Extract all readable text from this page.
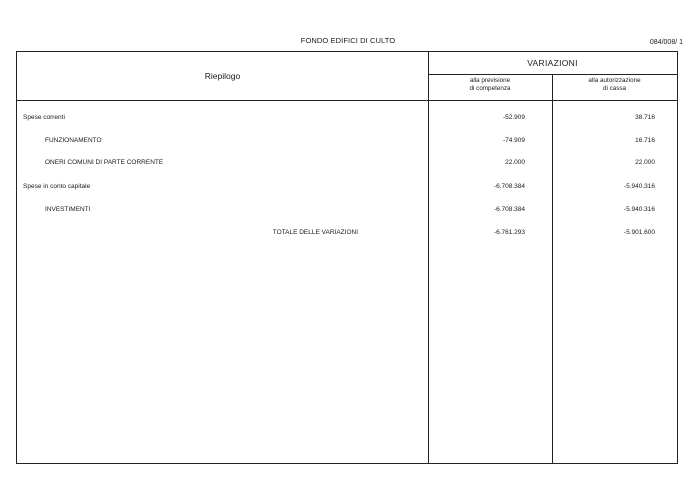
FONDO EDIFICI DI CULTO	084/008/ 1
Riepilogo
VARIAZIONI
alla previsione
di competenza
alla autorizzazione
di cassa
Spese correnti	-52.909	38.716
FUNZIONAMENTO	-74.909	16.716
ONERI COMUNI DI PARTE CORRENTE	22.000	22.000
Spese in conto capitale	-6.708.384	-5.940.316
INVESTIMENTI	-6.708.384	-5.940.316
TOTALE DELLE VARIAZIONI	-6.761.293	-5.901.600
